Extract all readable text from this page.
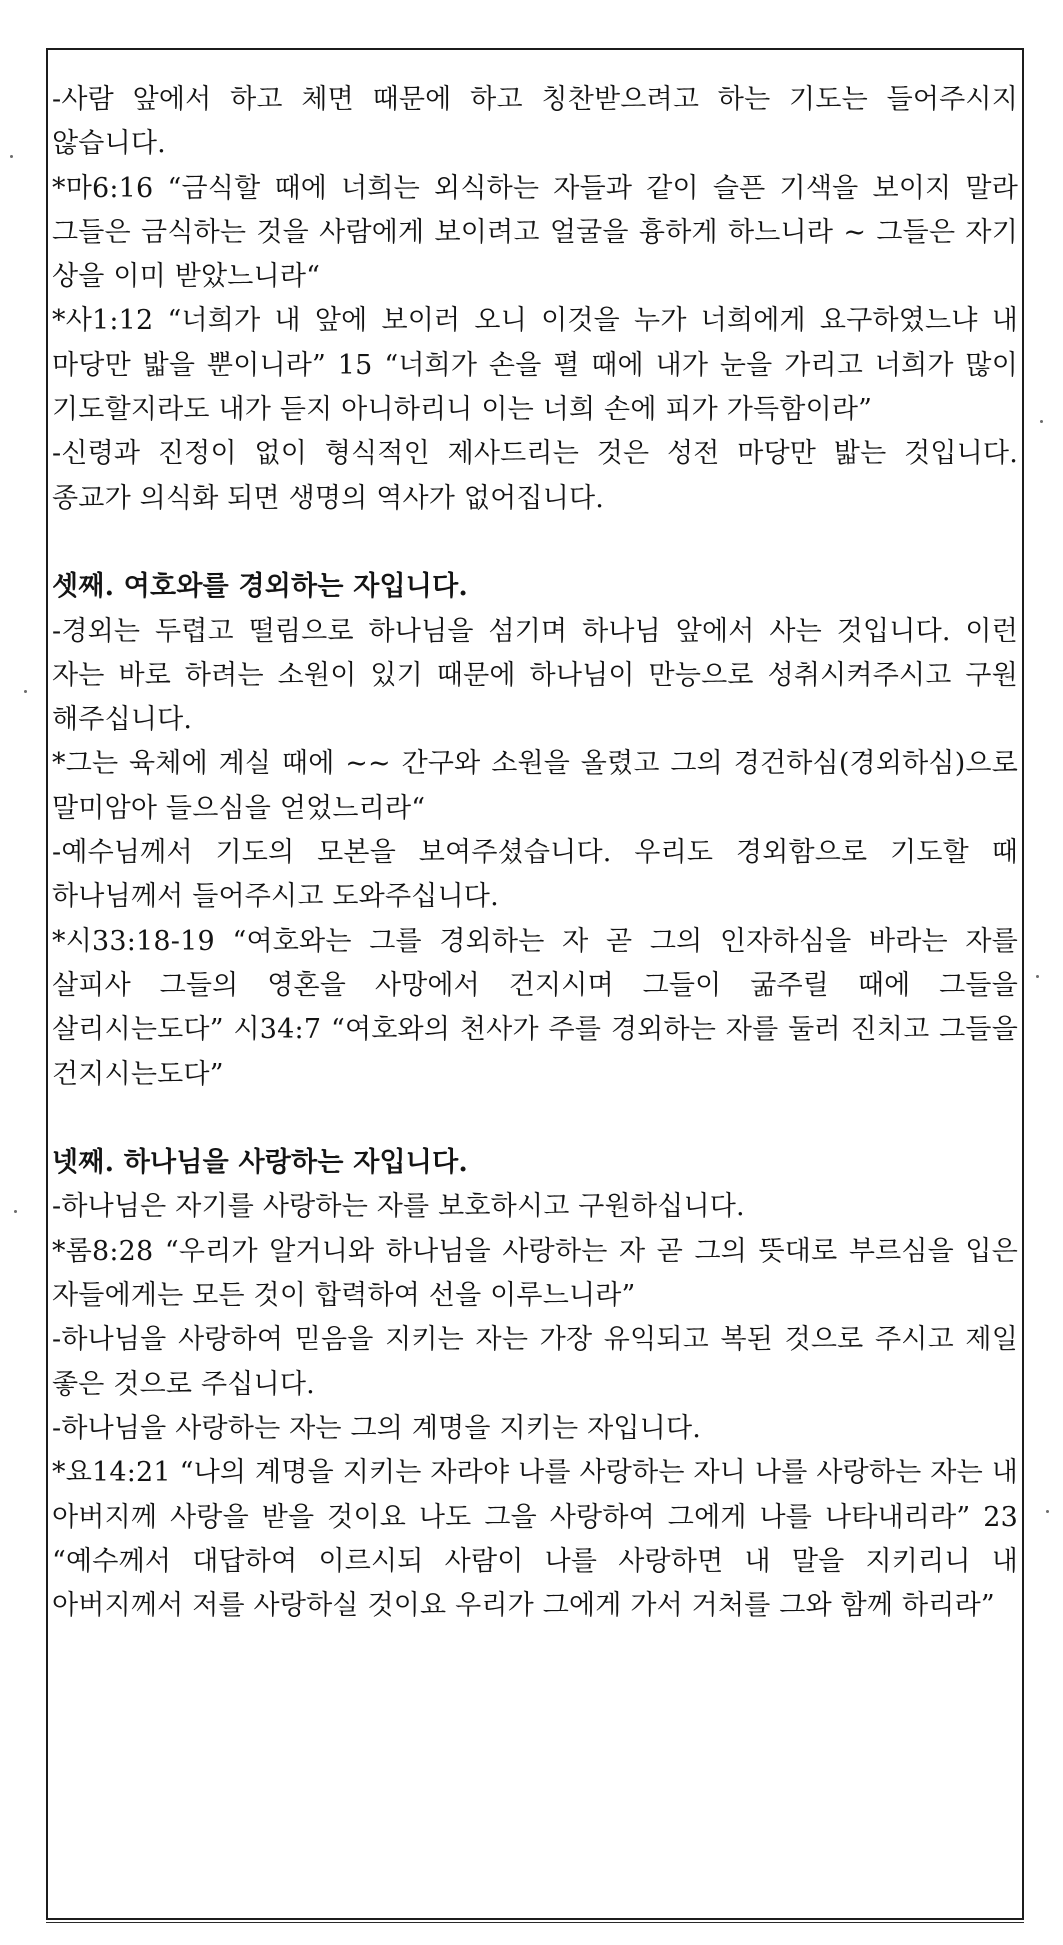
-사람 앞에서 하고 체면 때문에 하고 칭찬받으려고 하는 기도는 들어주시지 않습니다.

*마6:16 “금식할 때에 너희는 외식하는 자들과 같이 슬픈 기색을 보이지 말라 그들은 금식하는 것을 사람에게 보이려고 얼굴을 흉하게 하느니라 ~ 그들은 자기 상을 이미 받았느니라“

*사1:12 “너희가 내 앞에 보이러 오니 이것을 누가 너희에게 요구하였느냐 내 마당만 밟을 뿐이니라” 15 “너희가 손을 펼 때에 내가 눈을 가리고 너희가 많이 기도할지라도 내가 듣지 아니하리니 이는 너희 손에 피가 가득함이라”

-신령과 진정이 없이 형식적인 제사드리는 것은 성전 마당만 밟는 것입니다. 종교가 의식화 되면 생명의 역사가 없어집니다.

셋째. 여호와를 경외하는 자입니다.

-경외는 두렵고 떨림으로 하나님을 섬기며 하나님 앞에서 사는 것입니다. 이런 자는 바로 하려는 소원이 있기 때문에 하나님이 만능으로 성취시켜주시고 구원 해주십니다.

*그는 육체에 계실 때에 ~~ 간구와 소원을 올렸고 그의 경건하심(경외하심)으로 말미암아 들으심을 얻었느리라“

-예수님께서 기도의 모본을 보여주셨습니다. 우리도 경외함으로 기도할 때 하나님께서 들어주시고 도와주십니다.

*시33:18-19 “여호와는 그를 경외하는 자 곧 그의 인자하심을 바라는 자를 살피사 그들의 영혼을 사망에서 건지시며 그들이 굶주릴 때에 그들을 살리시는도다” 시34:7 “여호와의 천사가 주를 경외하는 자를 둘러 진치고 그들을 건지시는도다”

넷째. 하나님을 사랑하는 자입니다.

-하나님은 자기를 사랑하는 자를 보호하시고 구원하십니다.

*롬8:28 “우리가 알거니와 하나님을 사랑하는 자 곧 그의 뜻대로 부르심을 입은 자들에게는 모든 것이 합력하여 선을 이루느니라”

-하나님을 사랑하여 믿음을 지키는 자는 가장 유익되고 복된 것으로 주시고 제일 좋은 것으로 주십니다.

-하나님을 사랑하는 자는 그의 계명을 지키는 자입니다.

*요14:21 “나의 계명을 지키는 자라야 나를 사랑하는 자니 나를 사랑하는 자는 내 아버지께 사랑을 받을 것이요 나도 그을 사랑하여 그에게 나를 나타내리라” 23 “예수께서 대답하여 이르시되 사람이 나를 사랑하면 내 말을 지키리니 내 아버지께서 저를 사랑하실 것이요 우리가 그에게 가서 거처를 그와 함께 하리라”
